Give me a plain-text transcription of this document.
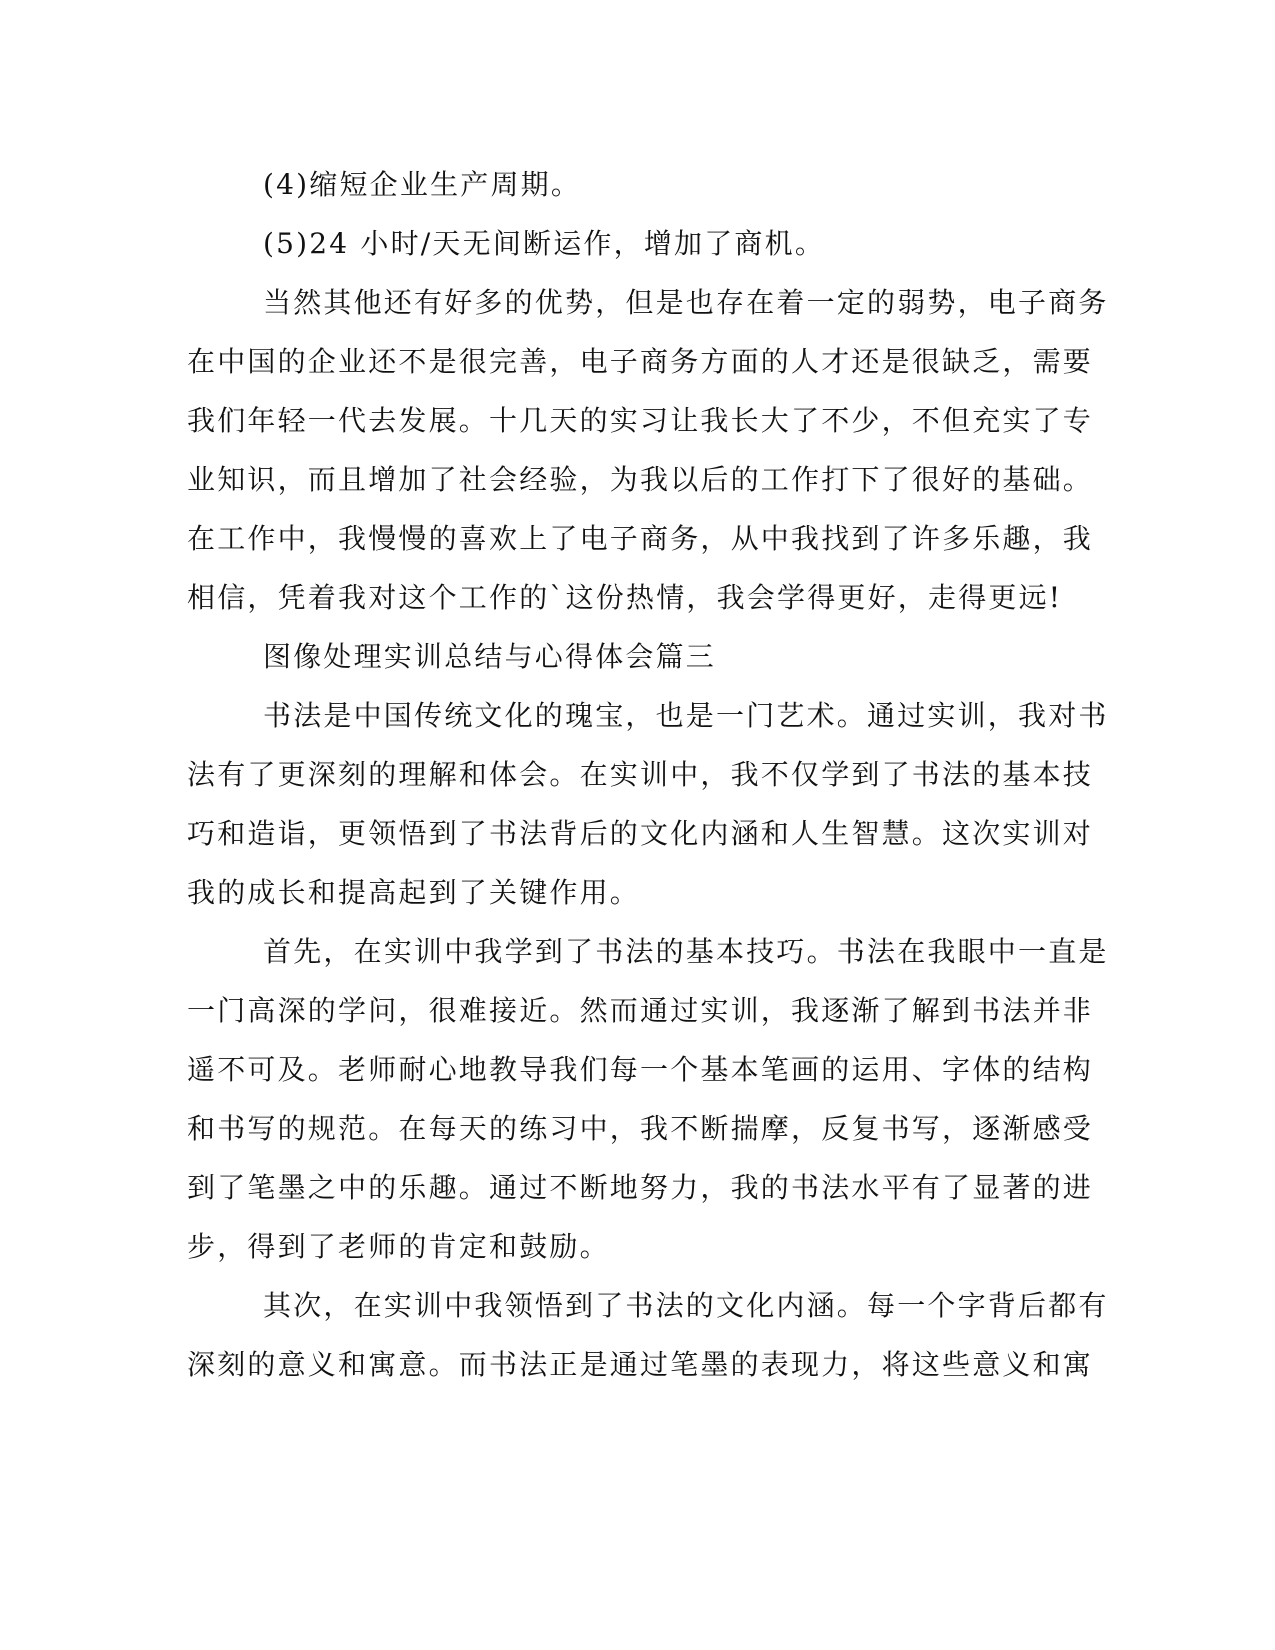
(4)缩短企业生产周期。
(5)24 小时/天无间断运作，增加了商机。
当然其他还有好多的优势，但是也存在着一定的弱势，电子商务
在中国的企业还不是很完善，电子商务方面的人才还是很缺乏，需要
我们年轻一代去发展。十几天的实习让我长大了不少，不但充实了专
业知识，而且增加了社会经验，为我以后的工作打下了很好的基础。
在工作中，我慢慢的喜欢上了电子商务，从中我找到了许多乐趣，我
相信，凭着我对这个工作的`这份热情，我会学得更好，走得更远!
图像处理实训总结与心得体会篇三
书法是中国传统文化的瑰宝，也是一门艺术。通过实训，我对书
法有了更深刻的理解和体会。在实训中，我不仅学到了书法的基本技
巧和造诣，更领悟到了书法背后的文化内涵和人生智慧。这次实训对
我的成长和提高起到了关键作用。
首先，在实训中我学到了书法的基本技巧。书法在我眼中一直是
一门高深的学问，很难接近。然而通过实训，我逐渐了解到书法并非
遥不可及。老师耐心地教导我们每一个基本笔画的运用、字体的结构
和书写的规范。在每天的练习中，我不断揣摩，反复书写，逐渐感受
到了笔墨之中的乐趣。通过不断地努力，我的书法水平有了显著的进
步，得到了老师的肯定和鼓励。
其次，在实训中我领悟到了书法的文化内涵。每一个字背后都有
深刻的意义和寓意。而书法正是通过笔墨的表现力，将这些意义和寓
